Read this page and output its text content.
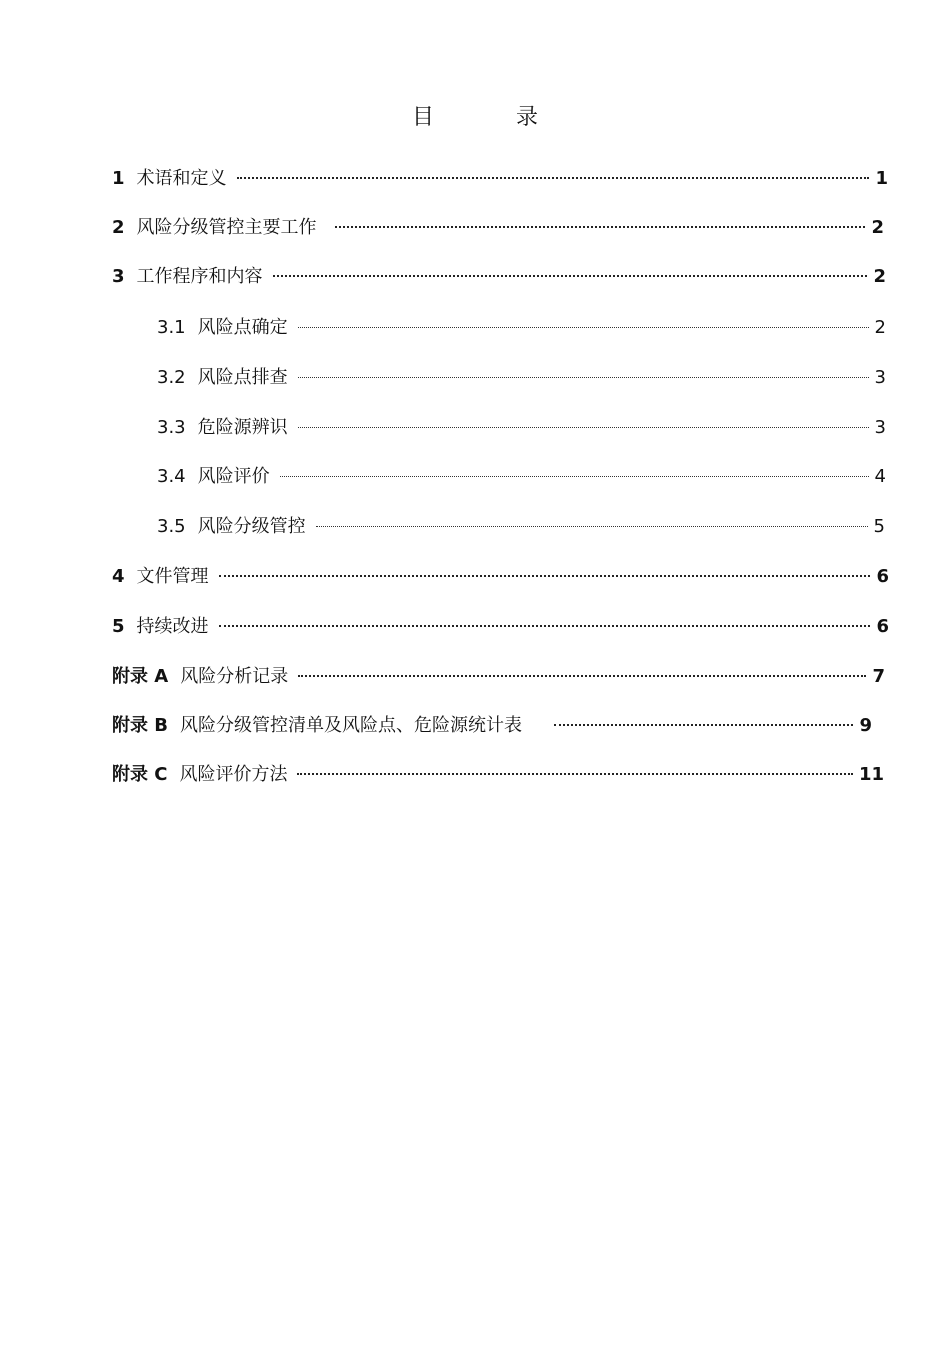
目　录
1 术语和定义	1
2 风险分级管控主要工作	2
3 工作程序和内容	2
3.1 风险点确定	2
3.2 风险点排查	3
3.3 危险源辨识	3
3.4 风险评价	4
3.5 风险分级管控	5
4 文件管理	6
5 持续改进	6
附录 A 风险分析记录	7
附录 B 风险分级管控清单及风险点、危险源统计表	9
附录 C 风险评价方法	11
